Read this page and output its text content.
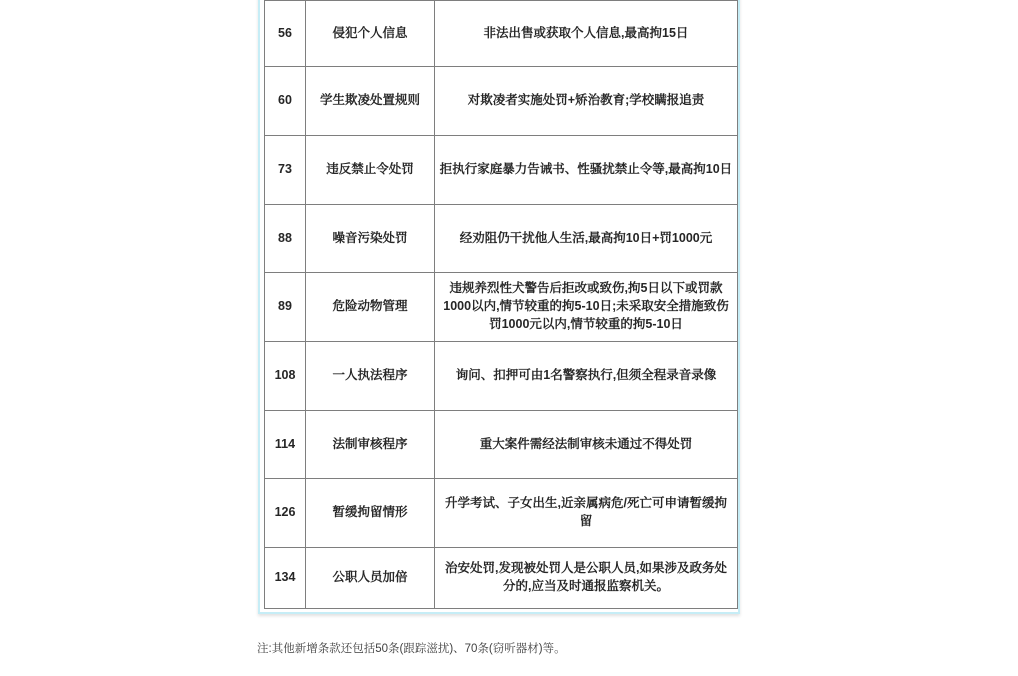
56	侵犯个人信息	非法出售或获取个人信息,最高拘15日
60	学生欺凌处置规则	对欺凌者实施处罚+矫治教育;学校瞒报追责
73	违反禁止令处罚	拒执行家庭暴力告诫书、性骚扰禁止令等,最高拘10日
88	噪音污染处罚	经劝阻仍干扰他人生活,最高拘10日+罚1000元
89	危险动物管理	违规养烈性犬警告后拒改或致伤,拘5日以下或罚款1000以内,情节较重的拘5-10日;未采取安全措施致伤罚1000元以内,情节较重的拘5-10日
108	一人执法程序	询问、扣押可由1名警察执行,但须全程录音录像
114	法制审核程序	重大案件需经法制审核未通过不得处罚
126	暂缓拘留情形	升学考试、子女出生,近亲属病危/死亡可申请暂缓拘留
134	公职人员加倍	治安处罚,发现被处罚人是公职人员,如果涉及政务处分的,应当及时通报监察机关。
注:其他新增条款还包括50条(跟踪滋扰)、70条(窃听器材)等。
